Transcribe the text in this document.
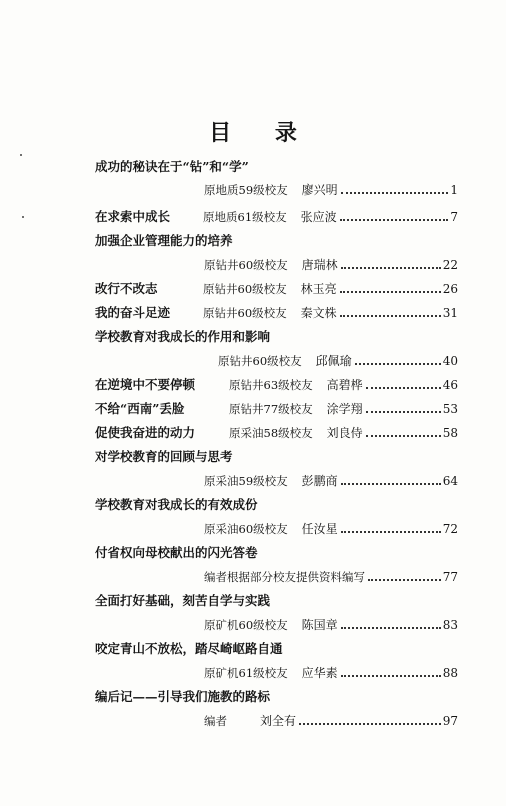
目 录
成功的秘诀在于“钻”和“学”
原地质59级校友 廖兴明	1
在求索中成长	原地质61级校友 张应波	7
加强企业管理能力的培养
原钻井60级校友 唐瑞林	22
改行不改志	原钻井60级校友 林玉亮	26
我的奋斗足迹	原钻井60级校友 秦文株	31
学校教育对我成长的作用和影响
原钻井60级校友 邱佩瑜	40
在逆境中不要停顿	原钻井63级校友 高碧桦	46
不给“西南”丢脸	原钻井77级校友 涂学翔	53
促使我奋进的动力	原采油58级校友 刘良侍	58
对学校教育的回顾与思考
原采油59级校友 彭鹏商	64
学校教育对我成长的有效成份
原采油60级校友 任汝星	72
付省权向母校献出的闪光答卷
编者根据部分校友提供资料编写	77
全面打好基础，刻苦自学与实践
原矿机60级校友 陈国章	83
咬定青山不放松，踏尽崎岖路自通
原矿机61级校友 应华素	88
编后记——引导我们施教的路标
编者	刘全有	97
